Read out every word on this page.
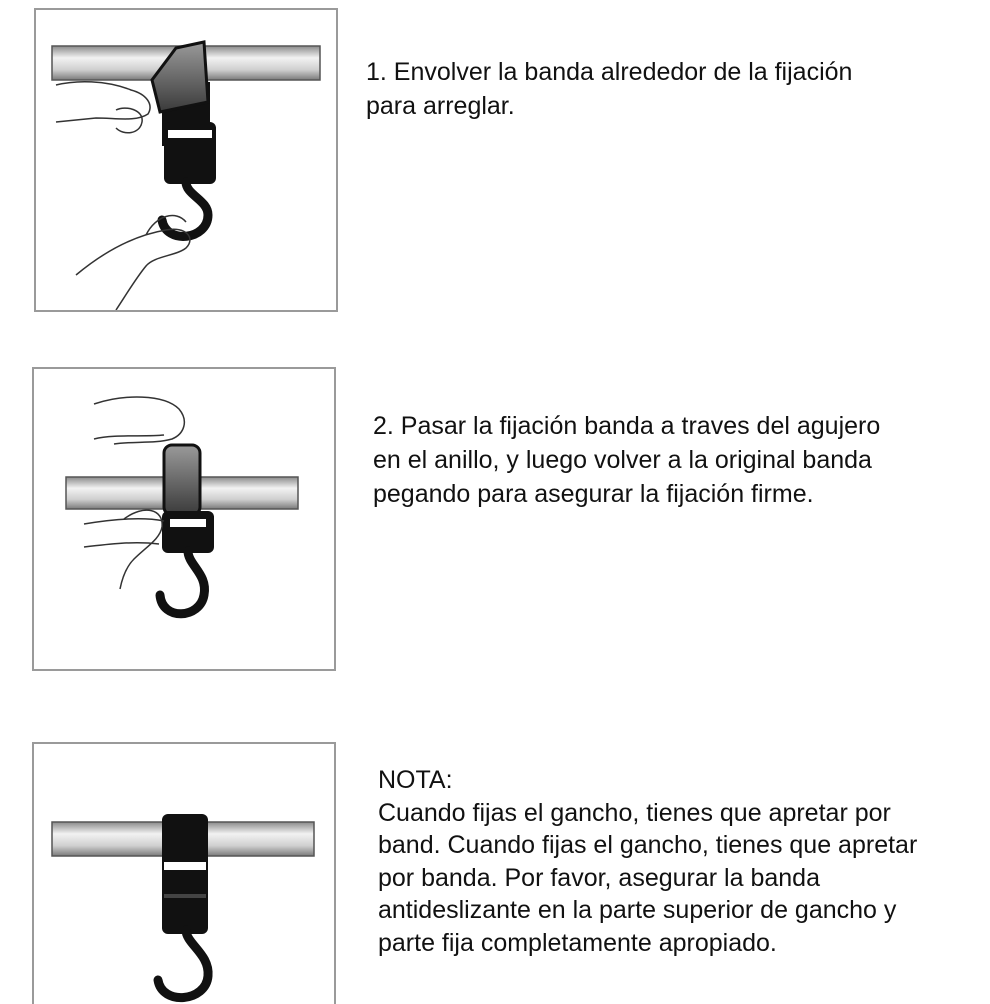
1. Envolver la banda alrededor de la fijación
para arreglar.
2. Pasar la fijación banda a traves del agujero
en el anillo, y luego volver a la original banda
pegando para asegurar la fijación firme.
NOTA:
Cuando fijas el gancho, tienes que apretar por
band. Cuando fijas el gancho, tienes que apretar
por banda. Por favor, asegurar la banda
antideslizante en la parte superior de gancho y
parte fija completamente apropiado.
